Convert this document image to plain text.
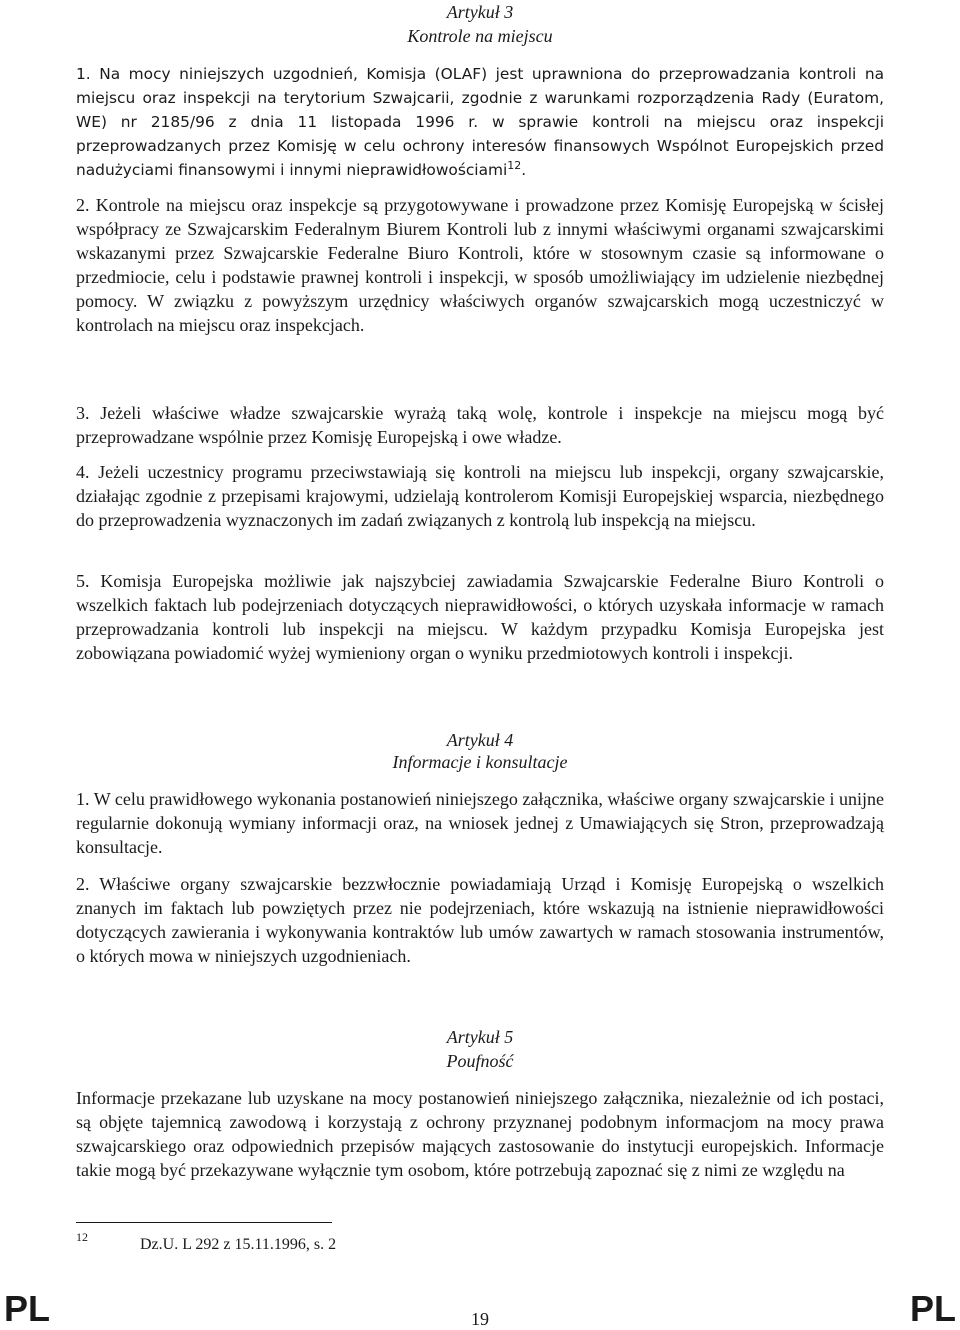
Artykuł 3
Kontrole na miejscu

1. Na mocy niniejszych uzgodnień, Komisja (OLAF) jest uprawniona do przeprowadzania kontroli na miejscu oraz inspekcji na terytorium Szwajcarii, zgodnie z warunkami rozporządzenia Rady (Euratom, WE) nr 2185/96 z dnia 11 listopada 1996 r. w sprawie kontroli na miejscu oraz inspekcji przeprowadzanych przez Komisję w celu ochrony interesów finansowych Wspólnot Europejskich przed nadużyciami finansowymi i innymi nieprawidłowościami$^{12}$.

2. Kontrole na miejscu oraz inspekcje są przygotowywane i prowadzone przez Komisję Europejską w ścisłej współpracy ze Szwajcarskim Federalnym Biurem Kontroli lub z innymi właściwymi organami szwajcarskimi wskazanymi przez Szwajcarskie Federalne Biuro Kontroli, które w stosownym czasie są informowane o przedmiocie, celu i podstawie prawnej kontroli i inspekcji, w sposób umożliwiający im udzielenie niezbędnej pomocy. W związku z powyższym urzędnicy właściwych organów szwajcarskich mogą uczestniczyć w kontrolach na miejscu oraz inspekcjach.

3. Jeżeli właściwe władze szwajcarskie wyrażą taką wolę, kontrole i inspekcje na miejscu mogą być przeprowadzane wspólnie przez Komisję Europejską i owe władze.

4. Jeżeli uczestnicy programu przeciwstawiają się kontroli na miejscu lub inspekcji, organy szwajcarskie, działając zgodnie z przepisami krajowymi, udzielają kontrolerom Komisji Europejskiej wsparcia, niezbędnego do przeprowadzenia wyznaczonych im zadań związanych z kontrolą lub inspekcją na miejscu.

5. Komisja Europejska możliwie jak najszybciej zawiadamia Szwajcarskie Federalne Biuro Kontroli o wszelkich faktach lub podejrzeniach dotyczących nieprawidłowości, o których uzyskała informacje w ramach przeprowadzania kontroli lub inspekcji na miejscu. W każdym przypadku Komisja Europejska jest zobowiązana powiadomić wyżej wymieniony organ o wyniku przedmiotowych kontroli i inspekcji.

Artykuł 4
Informacje i konsultacje

1. W celu prawidłowego wykonania postanowień niniejszego załącznika, właściwe organy szwajcarskie i unijne regularnie dokonują wymiany informacji oraz, na wniosek jednej z Umawiających się Stron, przeprowadzają konsultacje.

2. Właściwe organy szwajcarskie bezzwłocznie powiadamiają Urząd i Komisję Europejską o wszelkich znanych im faktach lub powziętych przez nie podejrzeniach, które wskazują na istnienie nieprawidłowości dotyczących zawierania i wykonywania kontraktów lub umów zawartych w ramach stosowania instrumentów, o których mowa w niniejszych uzgodnieniach.

Artykuł 5
Poufność

Informacje przekazane lub uzyskane na mocy postanowień niniejszego załącznika, niezależnie od ich postaci, są objęte tajemnicą zawodową i korzystają z ochrony przyznanej podobnym informacjom na mocy prawa szwajcarskiego oraz odpowiednich przepisów mających zastosowanie do instytucji europejskich. Informacje takie mogą być przekazywane wyłącznie tym osobom, które potrzebują zapoznać się z nimi ze względu na

12	Dz.U. L 292 z 15.11.1996, s. 2
PL	19	PL
